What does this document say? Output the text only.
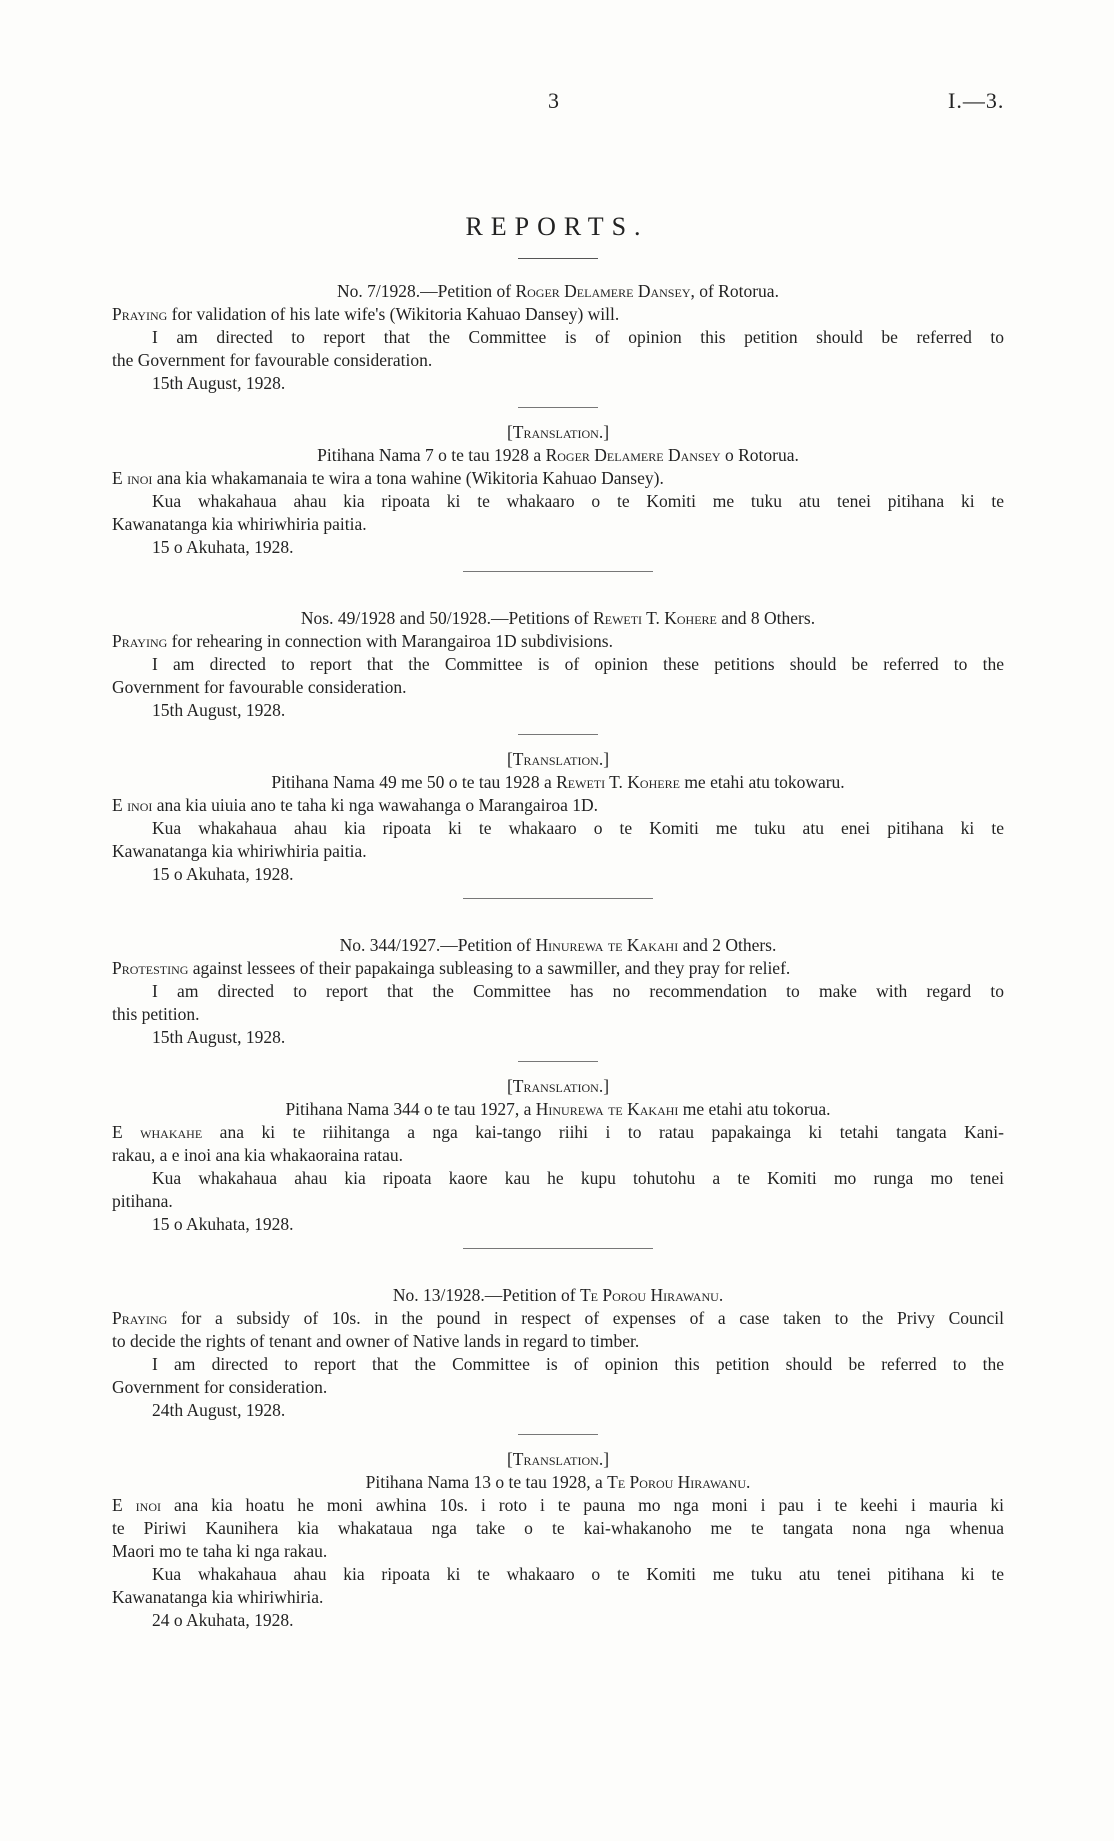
3	I.—3.
REPORTS.
No. 7/1928.—Petition of Roger Delamere Dansey, of Rotorua.
Praying for validation of his late wife's (Wikitoria Kahuao Dansey) will.
I am directed to report that the Committee is of opinion this petition should be referred to
the Government for favourable consideration.
15th August, 1928.
[Translation.]
Pitihana Nama 7 o te tau 1928 a Roger Delamere Dansey o Rotorua.
E inoi ana kia whakamanaia te wira a tona wahine (Wikitoria Kahuao Dansey).
Kua whakahaua ahau kia ripoata ki te whakaaro o te Komiti me tuku atu tenei pitihana ki te
Kawanatanga kia whiriwhiria paitia.
15 o Akuhata, 1928.
Nos. 49/1928 and 50/1928.—Petitions of Reweti T. Kohere and 8 Others.
Praying for rehearing in connection with Marangairoa 1D subdivisions.
I am directed to report that the Committee is of opinion these petitions should be referred to the
Government for favourable consideration.
15th August, 1928.
[Translation.]
Pitihana Nama 49 me 50 o te tau 1928 a Reweti T. Kohere me etahi atu tokowaru.
E inoi ana kia uiuia ano te taha ki nga wawahanga o Marangairoa 1D.
Kua whakahaua ahau kia ripoata ki te whakaaro o te Komiti me tuku atu enei pitihana ki te
Kawanatanga kia whiriwhiria paitia.
15 o Akuhata, 1928.
No. 344/1927.—Petition of Hinurewa te Kakahi and 2 Others.
Protesting against lessees of their papakainga subleasing to a sawmiller, and they pray for relief.
I am directed to report that the Committee has no recommendation to make with regard to
this petition.
15th August, 1928.
[Translation.]
Pitihana Nama 344 o te tau 1927, a Hinurewa te Kakahi me etahi atu tokorua.
E whakahe ana ki te riihitanga a nga kai-tango riihi i to ratau papakainga ki tetahi tangata Kani-
rakau, a e inoi ana kia whakaoraina ratau.
Kua whakahaua ahau kia ripoata kaore kau he kupu tohutohu a te Komiti mo runga mo tenei
pitihana.
15 o Akuhata, 1928.
No. 13/1928.—Petition of Te Porou Hirawanu.
Praying for a subsidy of 10s. in the pound in respect of expenses of a case taken to the Privy Council
to decide the rights of tenant and owner of Native lands in regard to timber.
I am directed to report that the Committee is of opinion this petition should be referred to the
Government for consideration.
24th August, 1928.
[Translation.]
Pitihana Nama 13 o te tau 1928, a Te Porou Hirawanu.
E inoi ana kia hoatu he moni awhina 10s. i roto i te pauna mo nga moni i pau i te keehi i mauria ki
te Piriwi Kaunihera kia whakataua nga take o te kai-whakanoho me te tangata nona nga whenua
Maori mo te taha ki nga rakau.
Kua whakahaua ahau kia ripoata ki te whakaaro o te Komiti me tuku atu tenei pitihana ki te
Kawanatanga kia whiriwhiria.
24 o Akuhata, 1928.
